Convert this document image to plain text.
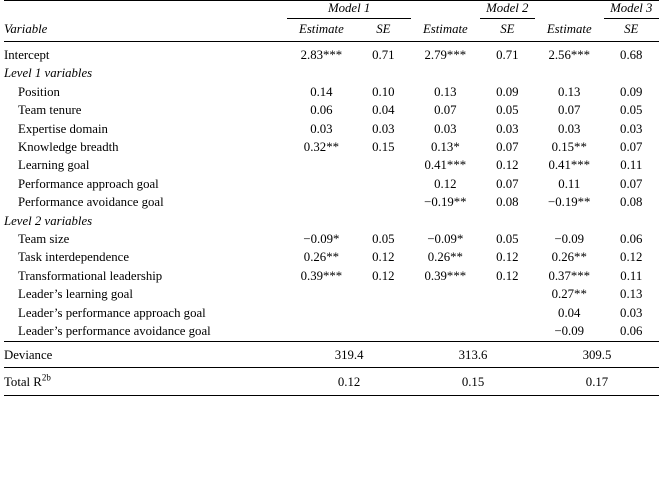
	Model 1			Model 2		Model 3
Variable	Estimate	SE	Estimate	SE	Estimate	SE
Intercept	2.83***	0.71	2.79***	0.71	2.56***	0.68
Level 1 variables						
Position	0.14	0.10	0.13	0.09	0.13	0.09
Team tenure	0.06	0.04	0.07	0.05	0.07	0.05
Expertise domain	0.03	0.03	0.03	0.03	0.03	0.03
Knowledge breadth	0.32**	0.15	0.13*	0.07	0.15**	0.07
Learning goal			0.41***	0.12	0.41***	0.11
Performance approach goal			0.12	0.07	0.11	0.07
Performance avoidance goal			−0.19**	0.08	−0.19**	0.08
Level 2 variables						
Team size	−0.09*	0.05	−0.09*	0.05	−0.09	0.06
Task interdependence	0.26**	0.12	0.26**	0.12	0.26**	0.12
Transformational leadership	0.39***	0.12	0.39***	0.12	0.37***	0.11
Leader’s learning goal					0.27**	0.13
Leader’s performance approach goal					0.04	0.03
Leader’s performance avoidance goal					−0.09	0.06
Deviance	319.4		313.6		309.5	
Total $R^{2b}$	0.12		0.15		0.17	
